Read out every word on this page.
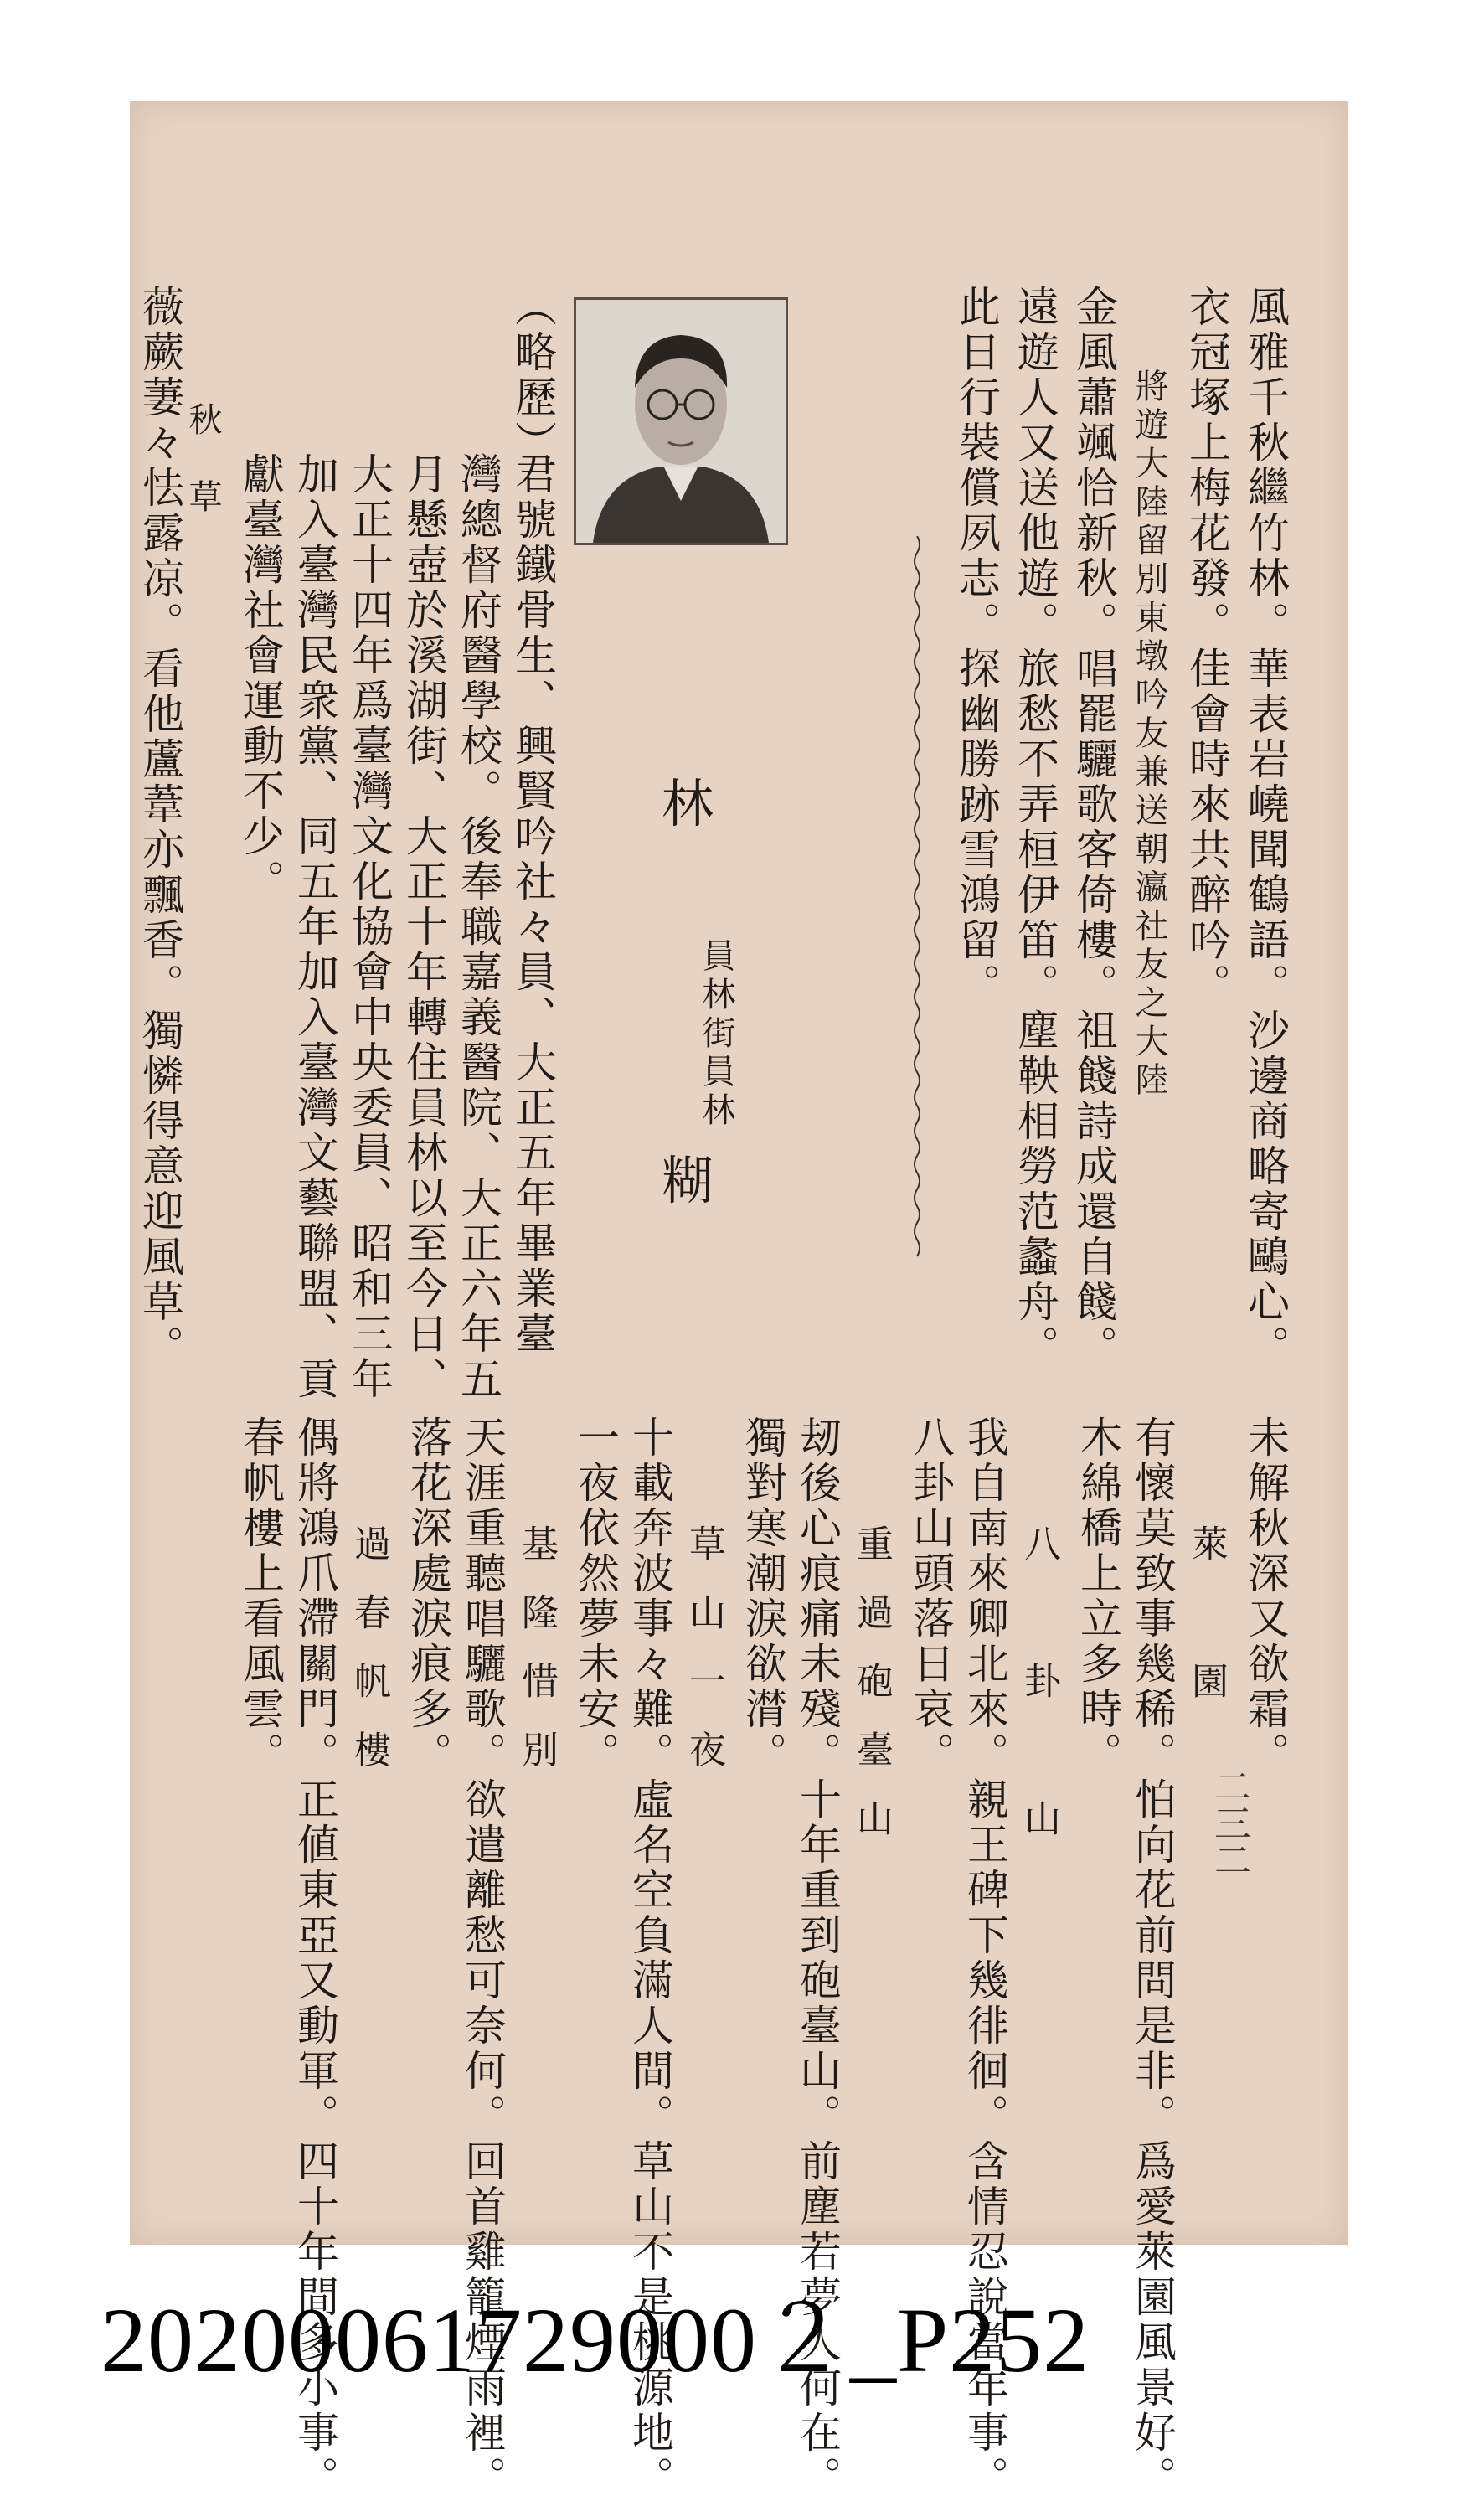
二三二
風雅千秋繼竹林。華表岩嶢聞鶴語。沙邊商略寄鷗心。
衣冠塚上梅花發。佳會時來共醉吟。
將遊大陸留別東墩吟友兼送朝瀛社友之大陸
金風蕭颯恰新秋。唱罷驪歌客倚樓。祖餞詩成還自餞。
遠遊人又送他遊。旅愁不弄桓伊笛。塵鞅相勞范蠡舟。
此日行裝償夙志。探幽勝跡雪鴻留。
林
員林街員林
糊
（略歷）
君號鐵骨生、興賢吟社々員、大正五年畢業臺
灣總督府醫學校。後奉職嘉義醫院、大正六年五
月懸壺於溪湖街、大正十年轉住員林以至今日、
大正十四年爲臺灣文化協會中央委員、昭和三年
加入臺灣民衆黨、同五年加入臺灣文藝聯盟、貢
獻臺灣社會運動不少。
秋　草
薇蕨萋々怯露凉。看他蘆葦亦飄香。獨憐得意迎風草。
未解秋深又欲霜。
萊　園
有懷莫致事幾稀。怕向花前問是非。爲愛萊園風景好。
木綿橋上立多時。
八　卦　山
我自南來卿北來。親王碑下幾徘徊。含情忍說當年事。
八卦山頭落日哀。
重過砲臺山
刼後心痕痛未殘。十年重到砲臺山。前塵若夢人何在。
獨對寒潮淚欲潸。
草山一夜
十載奔波事々難。虛名空負滿人間。草山不是桃源地。
一夜依然夢未安。
基隆惜別
天涯重聽唱驪歌。欲遣離愁可奈何。回首雞籠煙雨裡。
落花深處淚痕多。
過春帆樓
偶將鴻爪滯關門。正値東亞又動軍。四十年間多小事。
春帆樓上看風雲。
20200061729000２_P252
